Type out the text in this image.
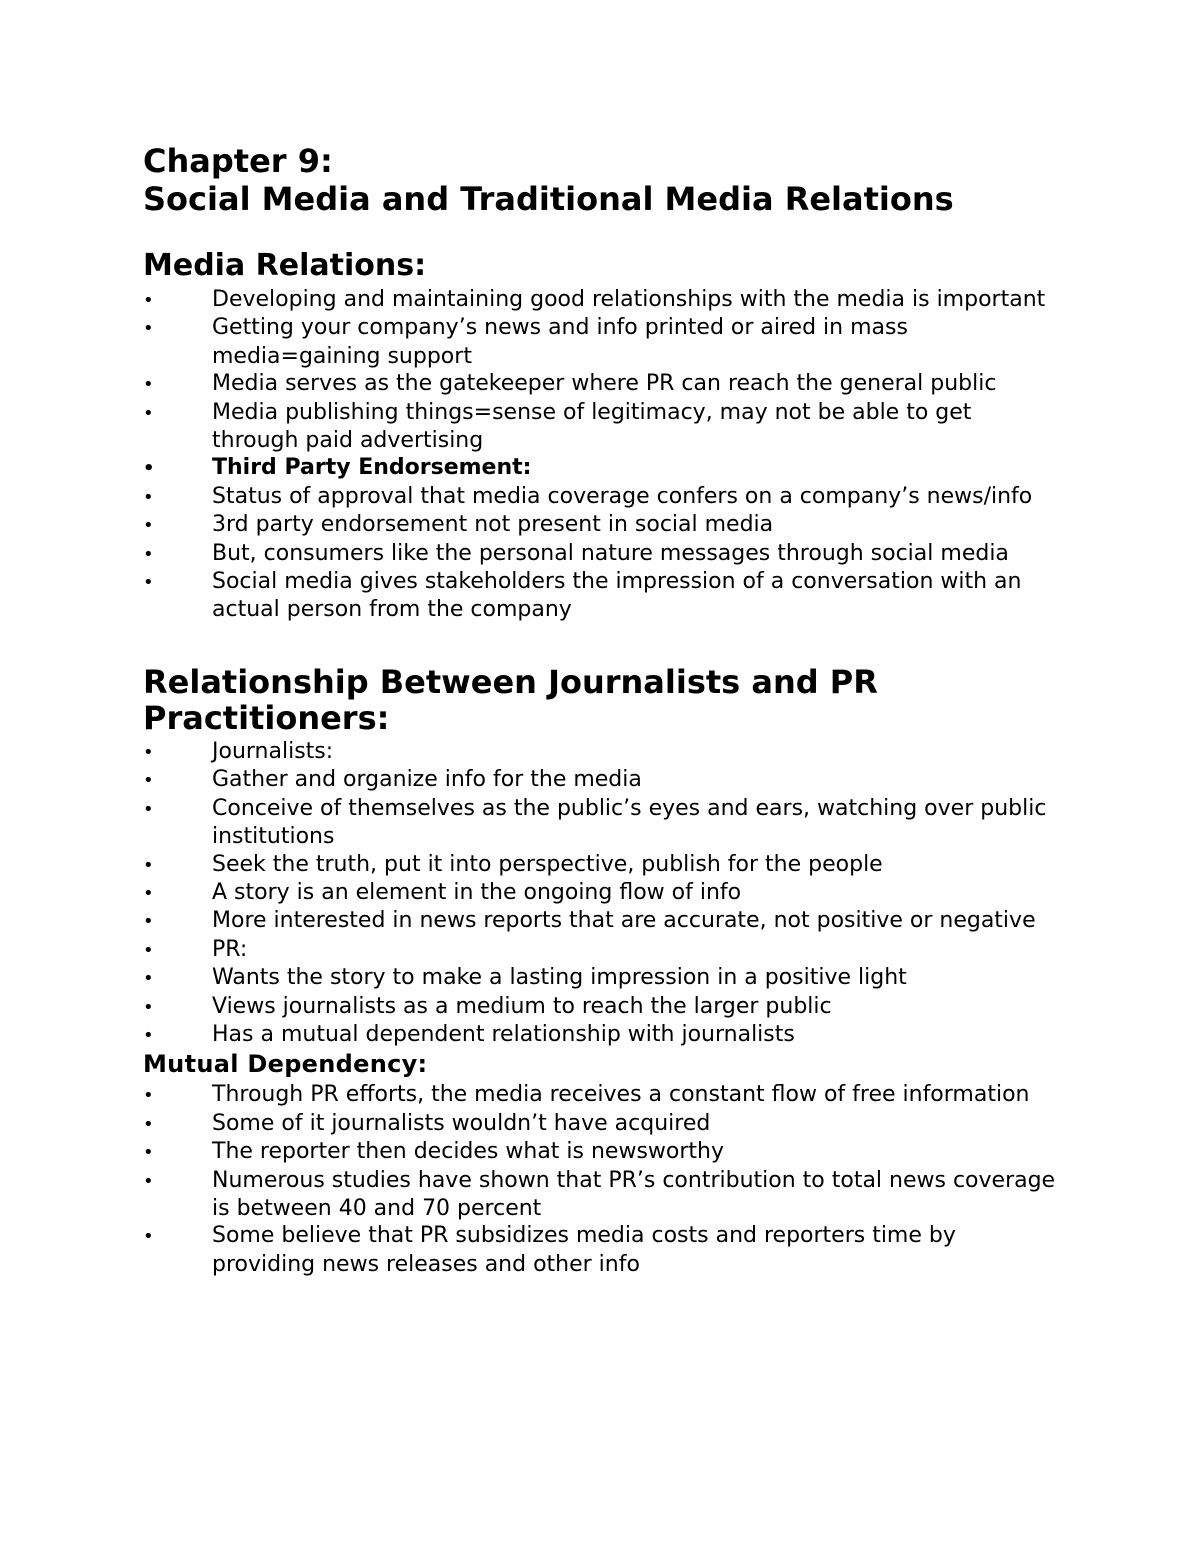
Chapter 9:
Social Media and Traditional Media Relations
Media Relations:
•	Developing and maintaining good relationships with the media is important
•	Getting your company’s news and info printed or aired in mass media=gaining support
•	Media serves as the gatekeeper where PR can reach the general public
•	Media publishing things=sense of legitimacy, may not be able to get through paid advertising
•	Third Party Endorsement:
•	Status of approval that media coverage confers on a company’s news/info
•	3rd party endorsement not present in social media
•	But, consumers like the personal nature messages through social media
•	Social media gives stakeholders the impression of a conversation with an actual person from the company
Relationship Between Journalists and PR Practitioners:
•	Journalists:
•	Gather and organize info for the media
•	Conceive of themselves as the public’s eyes and ears, watching over public institutions
•	Seek the truth, put it into perspective, publish for the people
•	A story is an element in the ongoing flow of info
•	More interested in news reports that are accurate, not positive or negative
•	PR:
•	Wants the story to make a lasting impression in a positive light
•	Views journalists as a medium to reach the larger public
•	Has a mutual dependent relationship with journalists
Mutual Dependency:
•	Through PR efforts, the media receives a constant flow of free information
•	Some of it journalists wouldn’t have acquired
•	The reporter then decides what is newsworthy
•	Numerous studies have shown that PR’s contribution to total news coverage is between 40 and 70 percent
•	Some believe that PR subsidizes media costs and reporters time by providing news releases and other info
